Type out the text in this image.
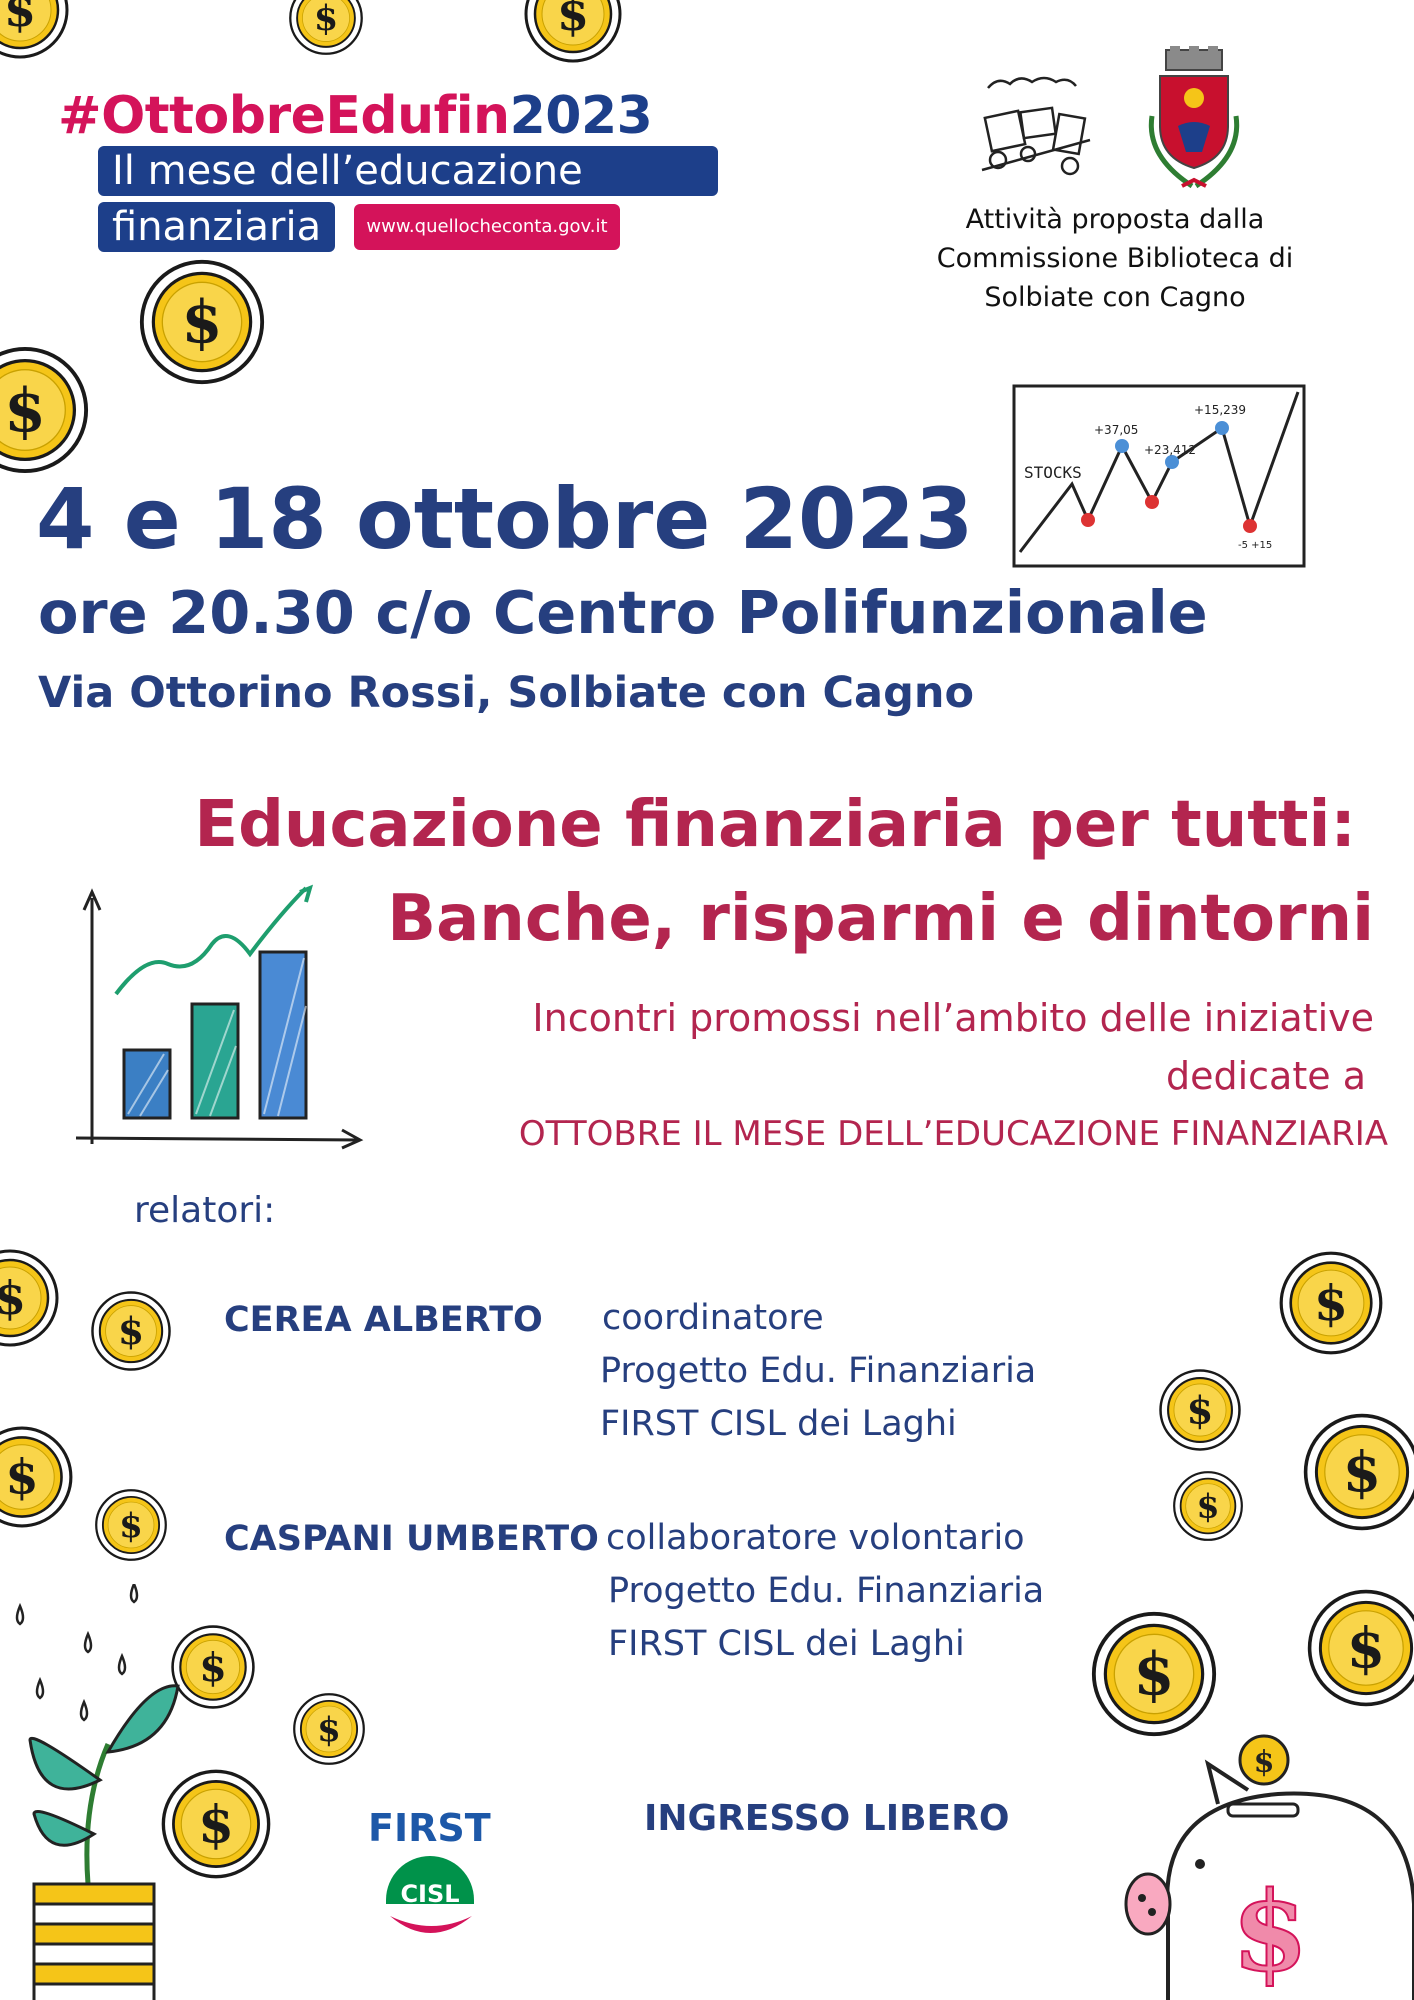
#OttobreEdufin2023
Il mese dell’educazione
finanziaria	www.quellocheconta.gov.it	Attività proposta dalla
Commissione Biblioteca di
Solbiate con Cagno
STOCKS
+37,05
+23,412
+15,239
-5 +15
4 e 18 ottobre 2023
ore 20.30 c/o Centro Polifunzionale
Via Ottorino Rossi, Solbiate con Cagno
Educazione finanziaria per tutti:
Banche, risparmi e dintorni
Incontri promossi nell’ambito delle iniziative
dedicate a
OTTOBRE IL MESE DELL’EDUCAZIONE FINANZIARIA
relatori:
CEREA ALBERTO coordinatore
Progetto Edu. Finanziaria
FIRST CISL dei Laghi
CASPANI UMBERTO collaboratore volontario
Progetto Edu. Finanziaria
FIRST CISL dei Laghi
FIRST
CISL
DEI LAGHI
INGRESSO LIBERO
$
$
